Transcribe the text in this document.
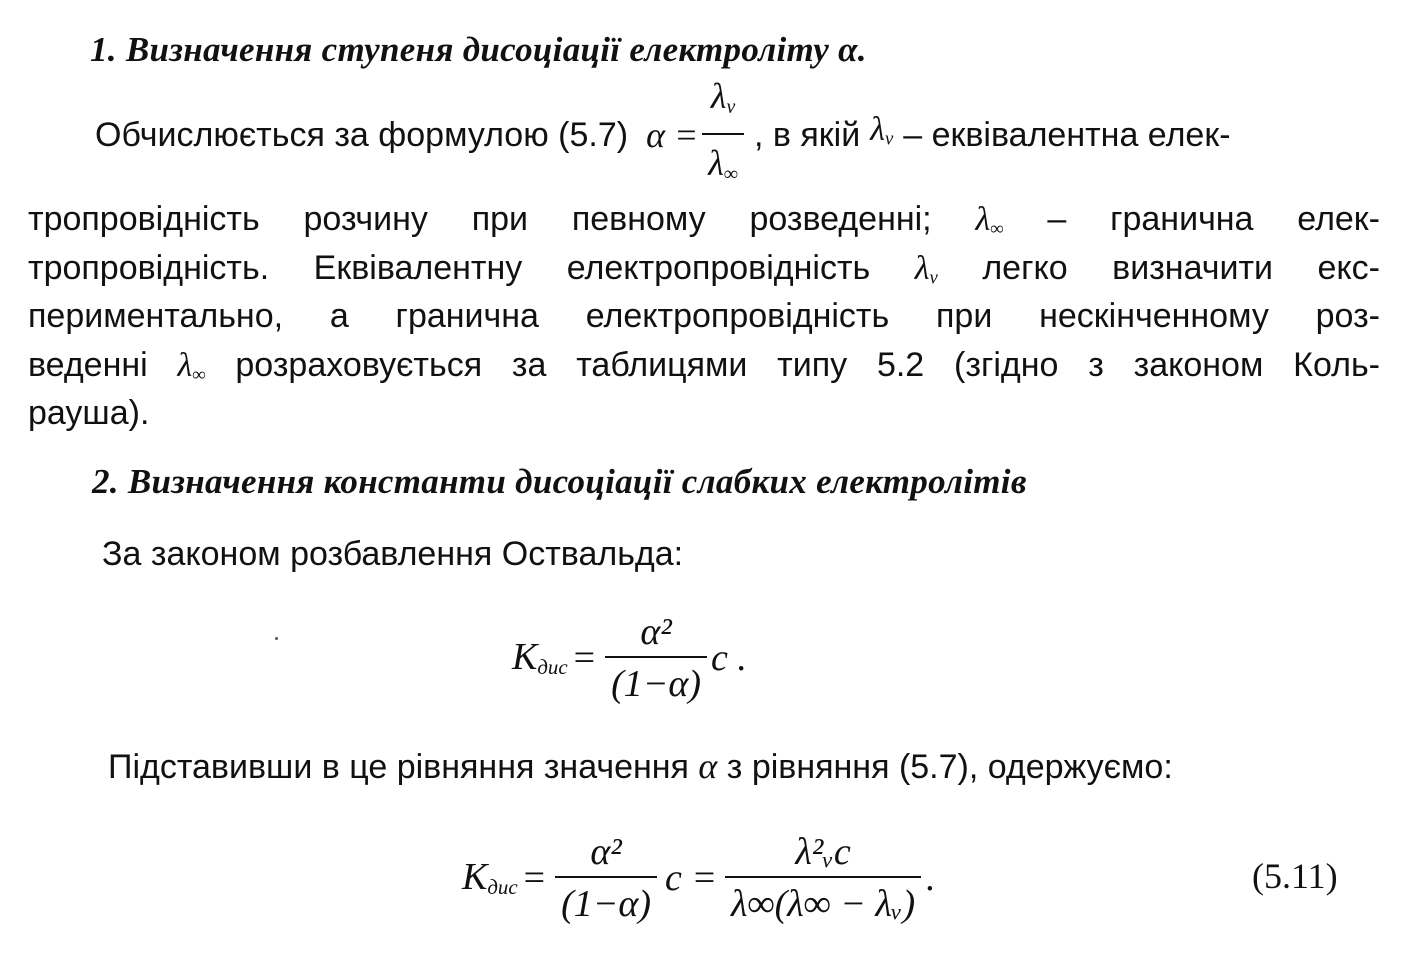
1. Визначення ступеня дисоціації електроліту α.
Обчислюється за формулою (5.7) $\alpha = \frac{\lambda_v}{\lambda_\infty}$ , в якій $\lambda_v$ – еквівалентна елек-
тропровідність розчину при певному розведенні; $\lambda_\infty$ – гранична елек-
тропровідність. Еквівалентну електропровідність $\lambda_v$ легко визначити екс-
периментально, а гранична електропровідність при нескінченному роз-
веденні $\lambda_\infty$ розраховується за таблицями типу 5.2 (згідно з законом Коль-
рауша).
2. Визначення константи дисоціації слабких електролітів
За законом розбавлення Оствальда:
$K_{дис} = \frac{\text{α²}}{(1-\alpha)}$ c .
Підставивши в це рівняння значення α з рівняння (5.7), одержуємо:
$K_{дис} = \frac{\text{α²}}{(1-\alpha)}$ $c = \frac{\text{λ²ᵥc}}{\text{λ∞(λ∞ − λᵥ)}}$ .	(5.11)
